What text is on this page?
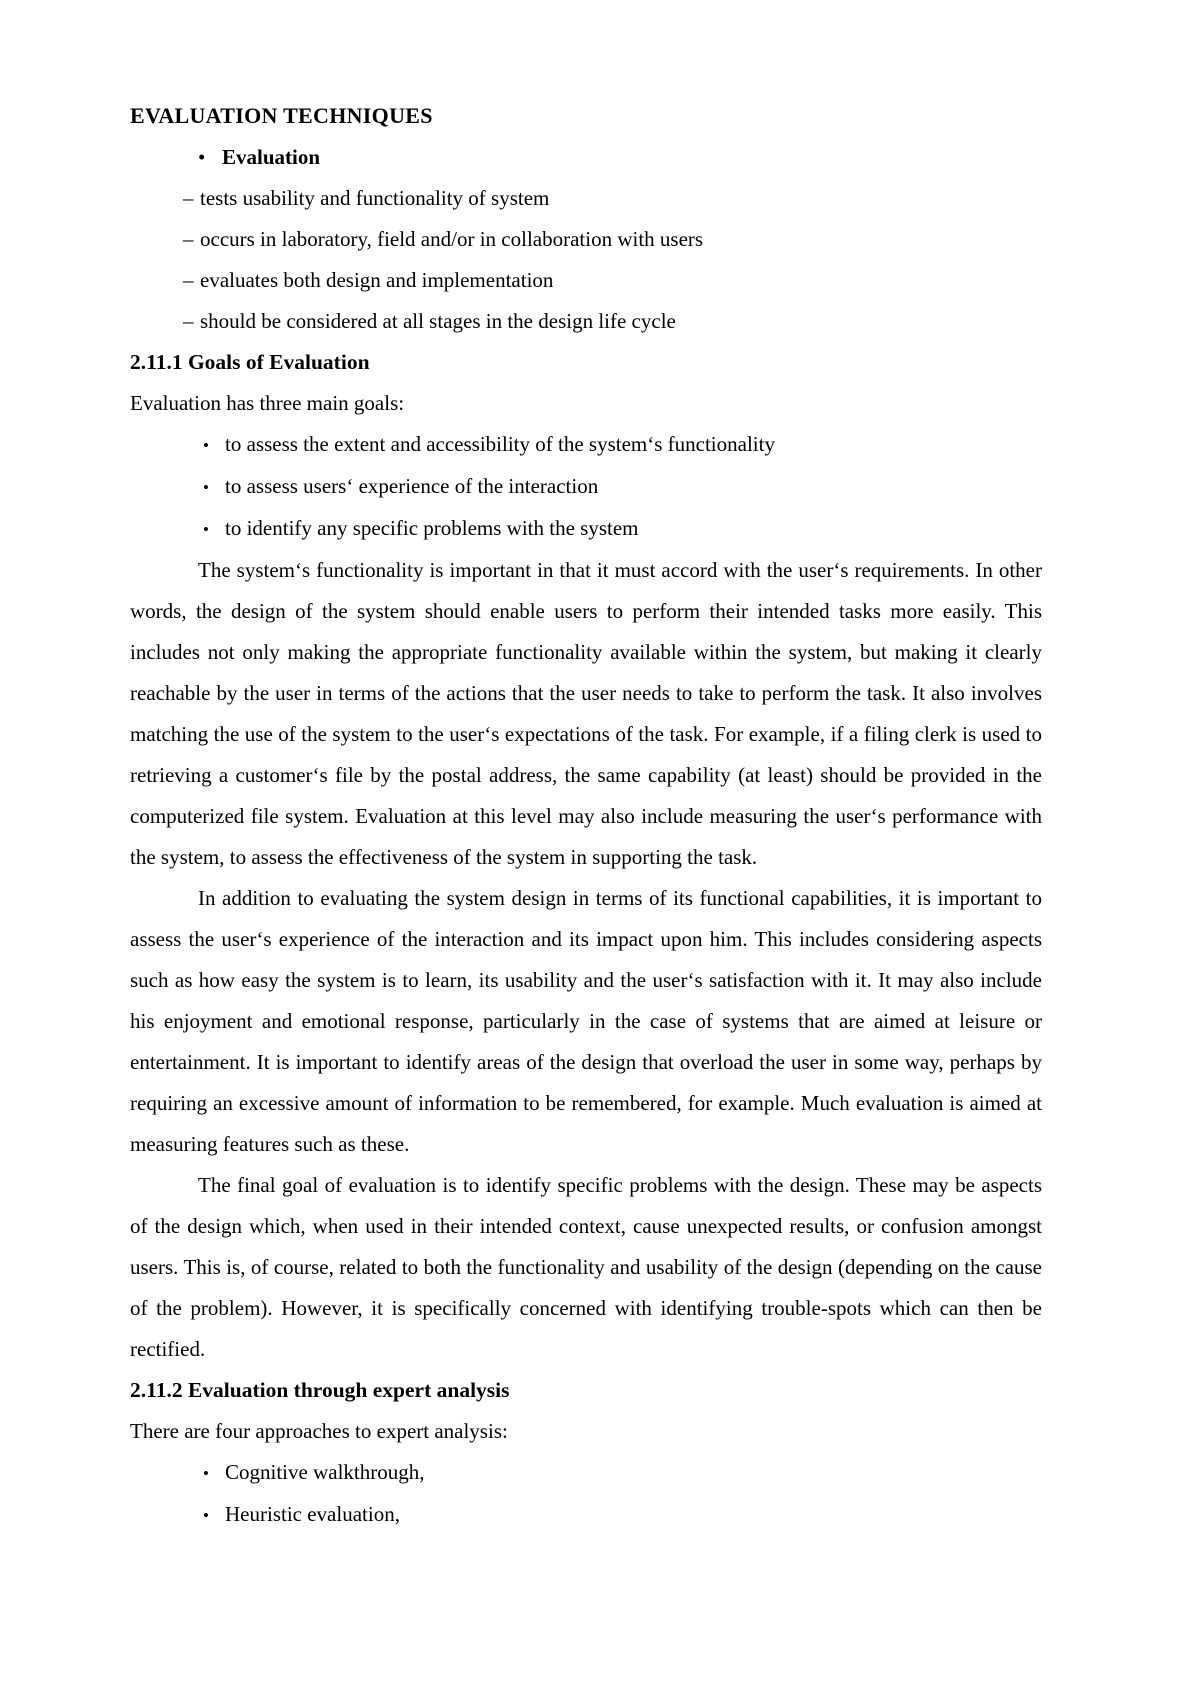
EVALUATION TECHNIQUES
• Evaluation
– tests usability and functionality of system
– occurs in laboratory, field and/or in collaboration with users
– evaluates both design and implementation
– should be considered at all stages in the design life cycle
2.11.1 Goals of Evaluation
Evaluation has three main goals:
• to assess the extent and accessibility of the system‘s functionality
• to assess users‘ experience of the interaction
• to identify any specific problems with the system

The system‘s functionality is important in that it must accord with the user‘s requirements. In other words, the design of the system should enable users to perform their intended tasks more easily. This includes not only making the appropriate functionality available within the system, but making it clearly reachable by the user in terms of the actions that the user needs to take to perform the task. It also involves matching the use of the system to the user‘s expectations of the task. For example, if a filing clerk is used to retrieving a customer‘s file by the postal address, the same capability (at least) should be provided in the computerized file system. Evaluation at this level may also include measuring the user‘s performance with the system, to assess the effectiveness of the system in supporting the task.

In addition to evaluating the system design in terms of its functional capabilities, it is important to assess the user‘s experience of the interaction and its impact upon him. This includes considering aspects such as how easy the system is to learn, its usability and the user‘s satisfaction with it. It may also include his enjoyment and emotional response, particularly in the case of systems that are aimed at leisure or entertainment. It is important to identify areas of the design that overload the user in some way, perhaps by requiring an excessive amount of information to be remembered, for example. Much evaluation is aimed at measuring features such as these.

The final goal of evaluation is to identify specific problems with the design. These may be aspects of the design which, when used in their intended context, cause unexpected results, or confusion amongst users. This is, of course, related to both the functionality and usability of the design (depending on the cause of the problem). However, it is specifically concerned with identifying trouble-spots which can then be rectified.

2.11.2 Evaluation through expert analysis
There are four approaches to expert analysis:
• Cognitive walkthrough,
• Heuristic evaluation,
